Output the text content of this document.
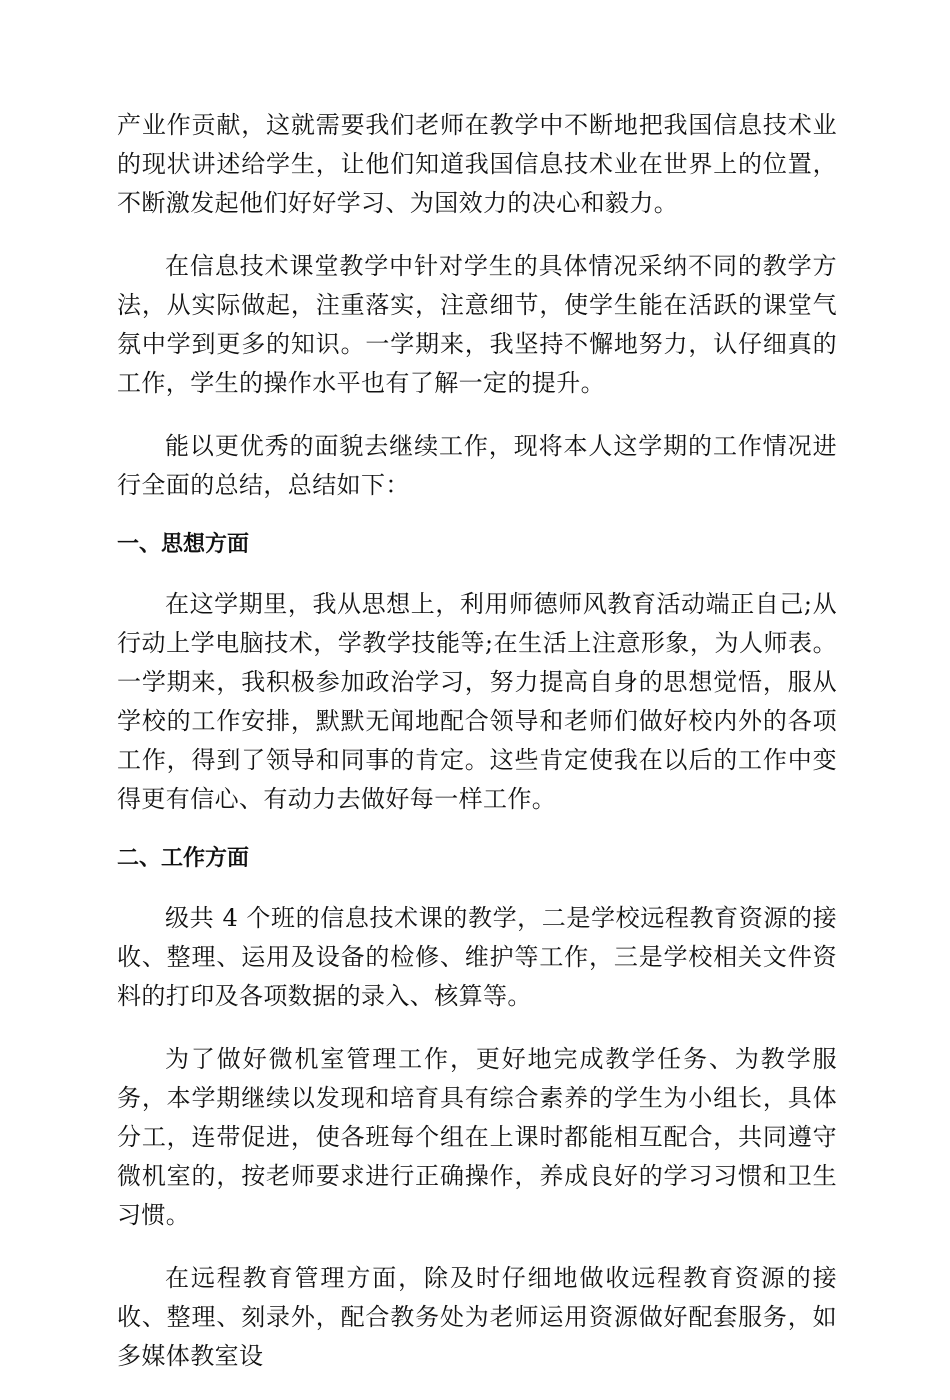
产业作贡献，这就需要我们老师在教学中不断地把我国信息技术业的现状讲述给学生，让他们知道我国信息技术业在世界上的位置，不断激发起他们好好学习、为国效力的决心和毅力。

在信息技术课堂教学中针对学生的具体情况采纳不同的教学方法，从实际做起，注重落实，注意细节，使学生能在活跃的课堂气氛中学到更多的知识。一学期来，我坚持不懈地努力，认仔细真的工作，学生的操作水平也有了解一定的提升。

能以更优秀的面貌去继续工作，现将本人这学期的工作情况进行全面的总结，总结如下：

一、思想方面

在这学期里，我从思想上，利用师德师风教育活动端正自己;从行动上学电脑技术，学教学技能等;在生活上注意形象，为人师表。一学期来，我积极参加政治学习，努力提高自身的思想觉悟，服从学校的工作安排，默默无闻地配合领导和老师们做好校内外的各项工作，得到了领导和同事的肯定。这些肯定使我在以后的工作中变得更有信心、有动力去做好每一样工作。

二、工作方面

级共 4 个班的信息技术课的教学，二是学校远程教育资源的接收、整理、运用及设备的检修、维护等工作，三是学校相关文件资料的打印及各项数据的录入、核算等。

为了做好微机室管理工作，更好地完成教学任务、为教学服务，本学期继续以发现和培育具有综合素养的学生为小组长，具体分工，连带促进，使各班每个组在上课时都能相互配合，共同遵守微机室的，按老师要求进行正确操作，养成良好的学习习惯和卫生习惯。

在远程教育管理方面，除及时仔细地做收远程教育资源的接收、整理、刻录外，配合教务处为老师运用资源做好配套服务，如多媒体教室设
